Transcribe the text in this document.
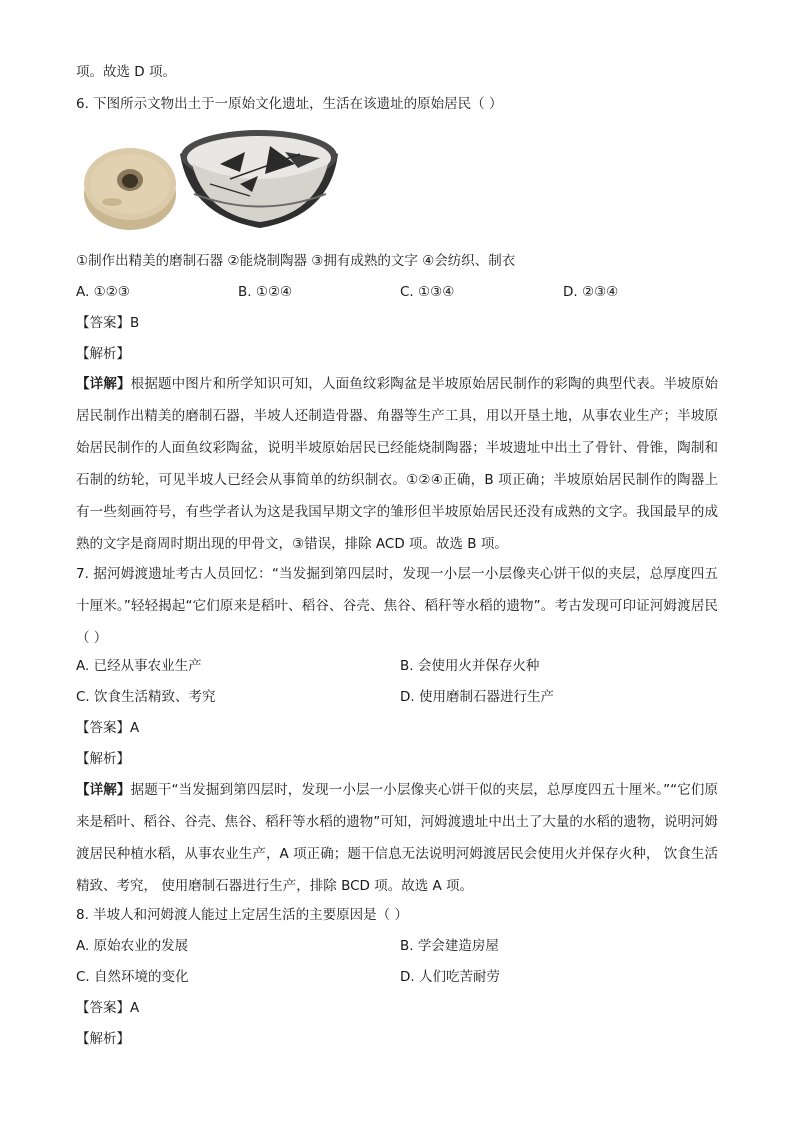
项。故选 D 项。
6. 下图所示文物出土于一原始文化遗址，生活在该遗址的原始居民（ ）
①制作出精美的磨制石器 ②能烧制陶器 ③拥有成熟的文字 ④会纺织、制衣
A. ①②③	B. ①②④	C. ①③④	D. ②③④
【答案】B
【解析】
【详解】根据题中图片和所学知识可知，人面鱼纹彩陶盆是半坡原始居民制作的彩陶的典型代表。半坡原始居民制作出精美的磨制石器，半坡人还制造骨器、角器等生产工具，用以开垦土地，从事农业生产；半坡原始居民制作的人面鱼纹彩陶盆，说明半坡原始居民已经能烧制陶器；半坡遗址中出土了骨针、骨锥，陶制和石制的纺轮，可见半坡人已经会从事简单的纺织制衣。①②④正确，B 项正确；半坡原始居民制作的陶器上有一些刻画符号，有些学者认为这是我国早期文字的雏形但半坡原始居民还没有成熟的文字。我国最早的成熟的文字是商周时期出现的甲骨文，③错误，排除 ACD 项。故选 B 项。
7. 据河姆渡遗址考古人员回忆：“当发掘到第四层时，发现一小层一小层像夹心饼干似的夹层，总厚度四五十厘米。”轻轻揭起“它们原来是稻叶、稻谷、谷壳、焦谷、稻秆等水稻的遗物”。考古发现可印证河姆渡居民（ ）
A. 已经从事农业生产	B. 会使用火并保存火种
C. 饮食生活精致、考究	D. 使用磨制石器进行生产
【答案】A
【解析】
【详解】据题干“当发掘到第四层时，发现一小层一小层像夹心饼干似的夹层，总厚度四五十厘米。”“它们原来是稻叶、稻谷、谷壳、焦谷、稻秆等水稻的遗物”可知，河姆渡遗址中出土了大量的水稻的遗物，说明河姆渡居民种植水稻，从事农业生产，A 项正确；题干信息无法说明河姆渡居民会使用火并保存火种， 饮食生活精致、考究， 使用磨制石器进行生产，排除 BCD 项。故选 A 项。
8. 半坡人和河姆渡人能过上定居生活的主要原因是（ ）
A. 原始农业的发展	B. 学会建造房屋
C. 自然环境的变化	D. 人们吃苦耐劳
【答案】A
【解析】
